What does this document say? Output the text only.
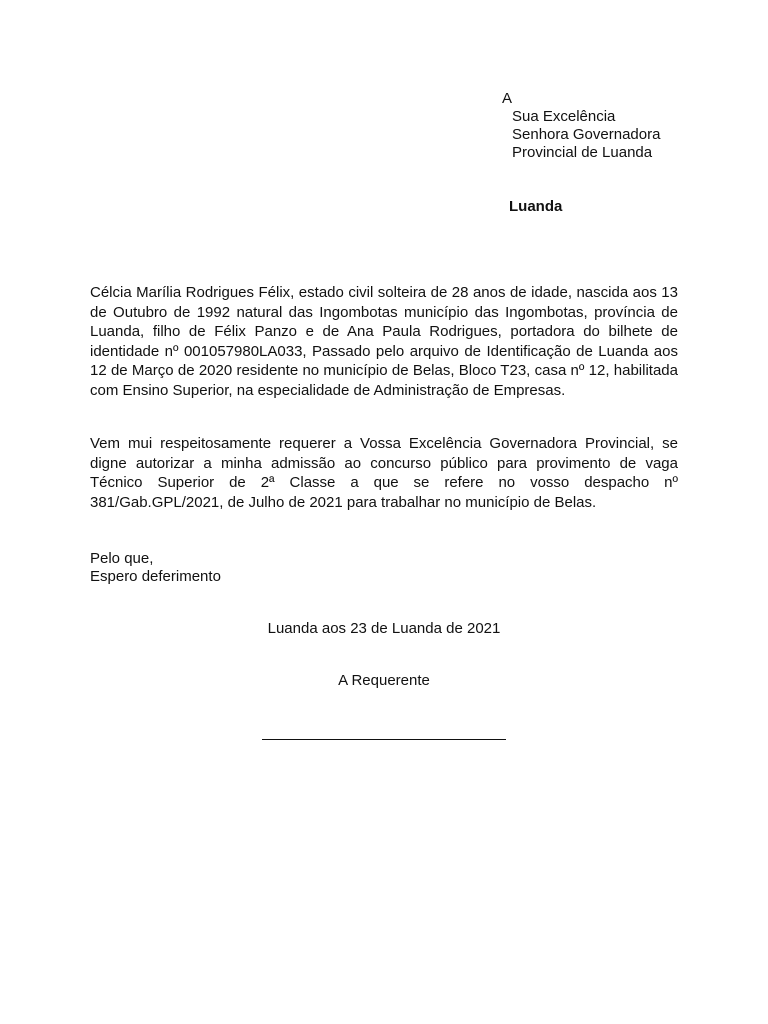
A
Sua Excelência
Senhora Governadora
Provincial de Luanda
Luanda

Célcia Marília Rodrigues Félix, estado civil solteira de 28 anos de idade, nascida aos 13 de Outubro de 1992 natural das Ingombotas município das Ingombotas, província de Luanda, filho de Félix Panzo e de Ana Paula Rodrigues, portadora do bilhete de identidade nº 001057980LA033, Passado pelo arquivo de Identificação de Luanda aos 12 de Março de 2020 residente no município de Belas, Bloco T23, casa nº 12, habilitada com Ensino Superior, na especialidade de Administração de Empresas.

Vem mui respeitosamente requerer a Vossa Excelência Governadora Provincial, se digne autorizar a minha admissão ao concurso público para provimento de vaga Técnico Superior de 2ª Classe a que se refere no vosso despacho nº 381/Gab.GPL/2021, de Julho de 2021 para trabalhar no município de Belas.

Pelo que,
Espero deferimento
Luanda aos 23 de Luanda de 2021
A Requerente
